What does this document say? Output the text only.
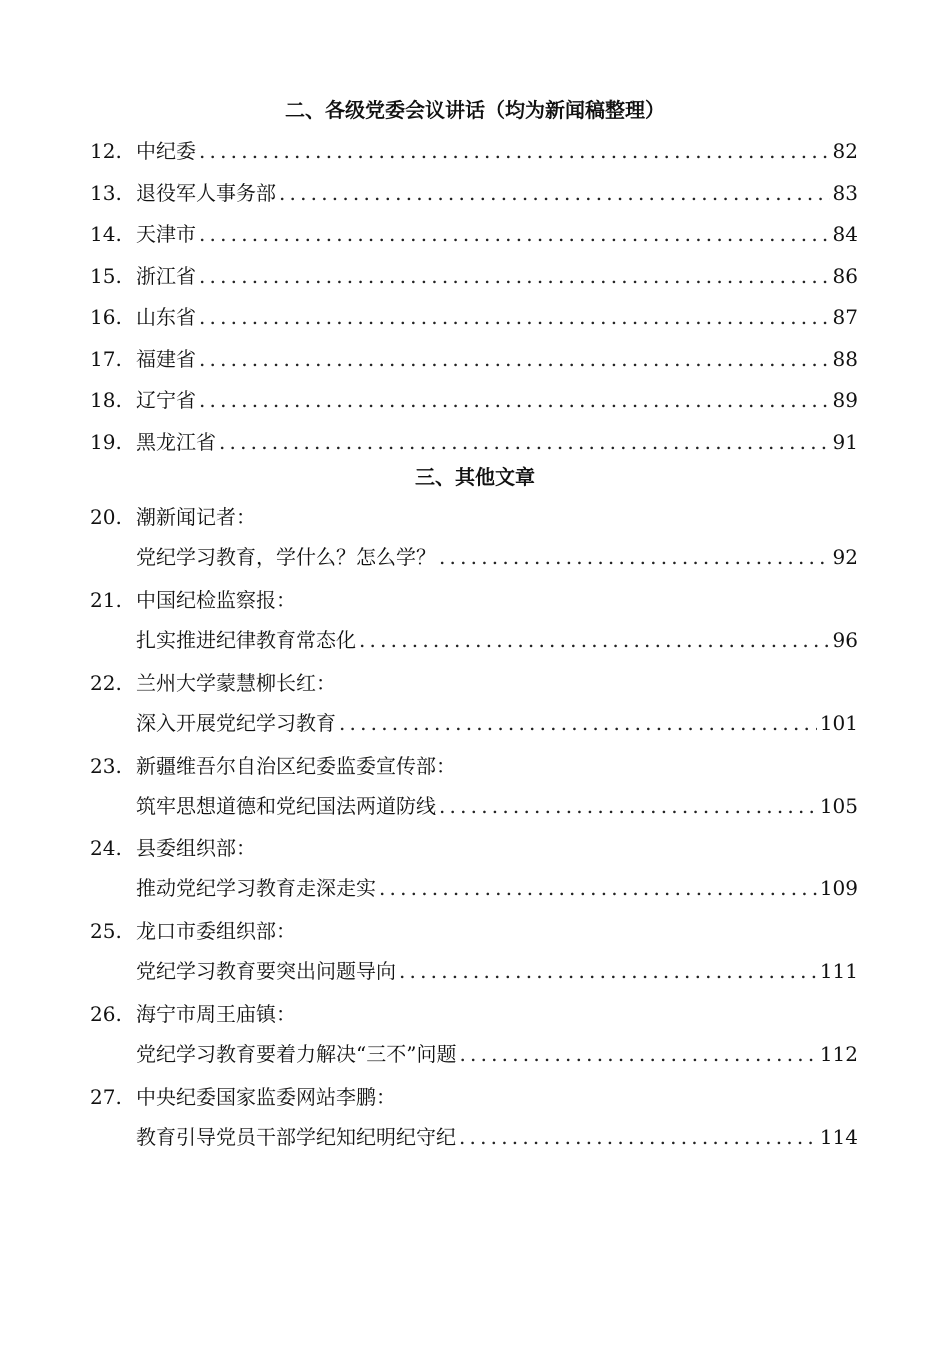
二、各级党委会议讲话（均为新闻稿整理）
12. 中纪委 .....	82
13. 退役军人事务部 .....	83
14. 天津市 .....	84
15. 浙江省 .....	86
16. 山东省 .....	87
17. 福建省 .....	88
18. 辽宁省 .....	89
19. 黑龙江省 .....	91
三、其他文章
20. 潮新闻记者：
党纪学习教育，学什么？怎么学？ .....	92
21. 中国纪检监察报：
扎实推进纪律教育常态化 .....	96
22. 兰州大学蒙慧柳长红：
深入开展党纪学习教育 .....	101
23. 新疆维吾尔自治区纪委监委宣传部：
筑牢思想道德和党纪国法两道防线 .....	105
24. 县委组织部：
推动党纪学习教育走深走实 .....	109
25. 龙口市委组织部：
党纪学习教育要突出问题导向 .....	111
26. 海宁市周王庙镇：
党纪学习教育要着力解决“三不”问题 .....	112
27. 中央纪委国家监委网站李鹏：
教育引导党员干部学纪知纪明纪守纪 .....	114
